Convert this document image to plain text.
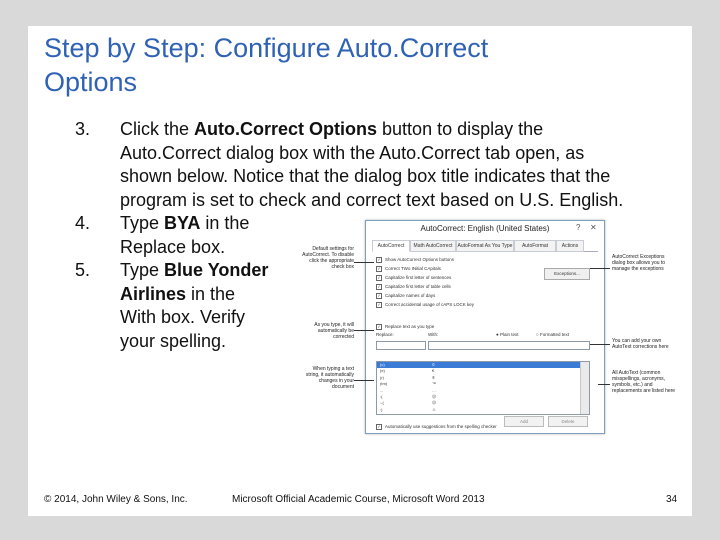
Step by Step: Configure Auto.Correct
Options
3.	Click the Auto.Correct Options button to display the
Auto.Correct dialog box with the Auto.Correct tab open, as
shown below. Notice that the dialog box title indicates that the
program is set to check and correct text based on U.S. English.
4.	Type BYA in the
Replace box.
5.	Type Blue Yonder
Airlines in the
With box. Verify
your spelling.
AutoCorrect: English (United States)	? ✕
AutoCorrect	Math AutoCorrect	AutoFormat As You Type	AutoFormat	Actions
✓ Show AutoCorrect Options buttons
✓ Correct TWo INitial CApitals
✓ Capitalize first letter of sentences
✓ Capitalize first letter of table cells
✓ Capitalize names of days
✓ Correct accidental usage of cAPS LOCK key
Exceptions...
✓ Replace text as you type
Replace:	With:	● Plain text	○ Formatted text
(c)	©
(e)	€
(r)	®
(tm)	™
...	…
:(	☹
:-(	☹
:)	☺
Add	Delete
✓ Automatically use suggestions from the spelling checker
Default settings for AutoCorrect. To disable click the appropriate check box
As you type, it will automatically be corrected
When typing a text string, it automatically changes in your document
AutoCorrect Exceptions dialog box allows you to manage the exceptions
You can add your own AutoText corrections here
All AutoText (common misspellings, acronyms, symbols, etc.) and replacements are listed here
© 2014, John Wiley & Sons, Inc.	Microsoft Official Academic Course, Microsoft Word 2013	34
